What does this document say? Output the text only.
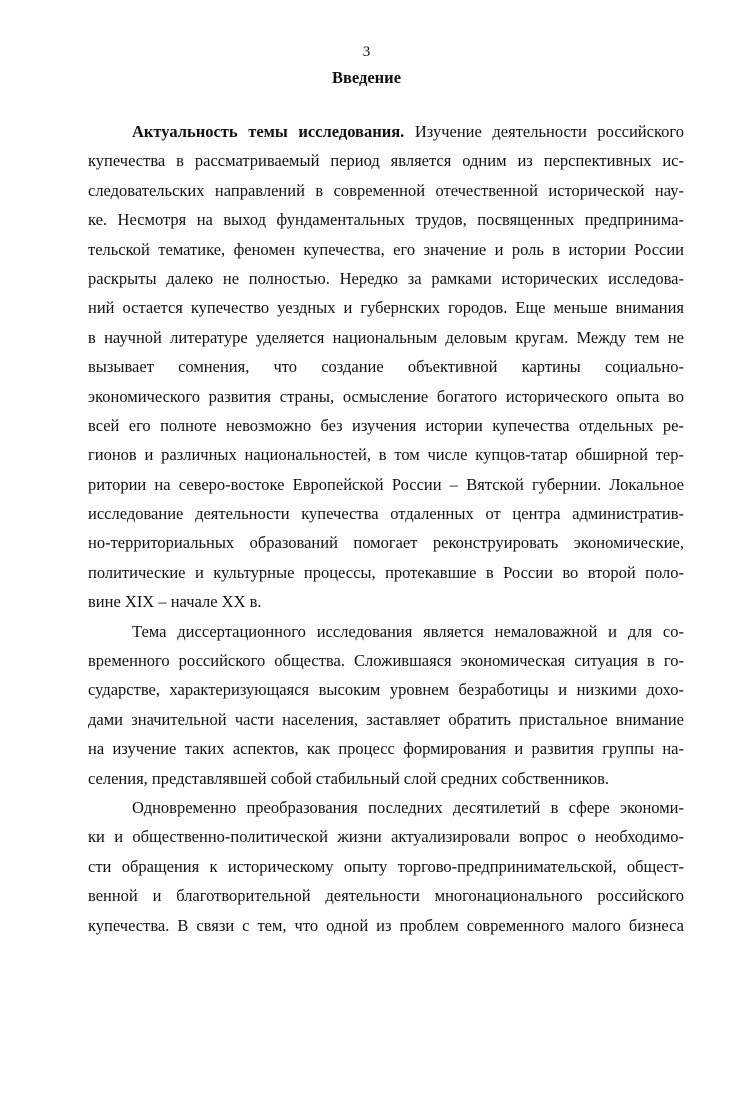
3
Введение
Актуальность темы исследования. Изучение деятельности российского
купечества в рассматриваемый период является одним из перспективных ис-
следовательских направлений в современной отечественной исторической нау-
ке. Несмотря на выход фундаментальных трудов, посвященных предпринима-
тельской тематике, феномен купечества, его значение и роль в истории России
раскрыты далеко не полностью. Нередко за рамками исторических исследова-
ний остается купечество уездных и губернских городов. Еще меньше внимания
в научной литературе уделяется национальным деловым кругам. Между тем не
вызывает сомнения, что создание объективной картины социально-
экономического развития страны, осмысление богатого исторического опыта во
всей его полноте невозможно без изучения истории купечества отдельных ре-
гионов и различных национальностей, в том числе купцов-татар обширной тер-
ритории на северо-востоке Европейской России – Вятской губернии. Локальное
исследование деятельности купечества отдаленных от центра административ-
но-территориальных образований помогает реконструировать экономические,
политические и культурные процессы, протекавшие в России во второй поло-
вине XIX – начале XX в.
Тема диссертационного исследования является немаловажной и для со-
временного российского общества. Сложившаяся экономическая ситуация в го-
сударстве, характеризующаяся высоким уровнем безработицы и низкими дохо-
дами значительной части населения, заставляет обратить пристальное внимание
на изучение таких аспектов, как процесс формирования и развития группы на-
селения, представлявшей собой стабильный слой средних собственников.
Одновременно преобразования последних десятилетий в сфере экономи-
ки и общественно-политической жизни актуализировали вопрос о необходимо-
сти обращения к историческому опыту торгово-предпринимательской, общест-
венной и благотворительной деятельности многонационального российского
купечества. В связи с тем, что одной из проблем современного малого бизнеса
